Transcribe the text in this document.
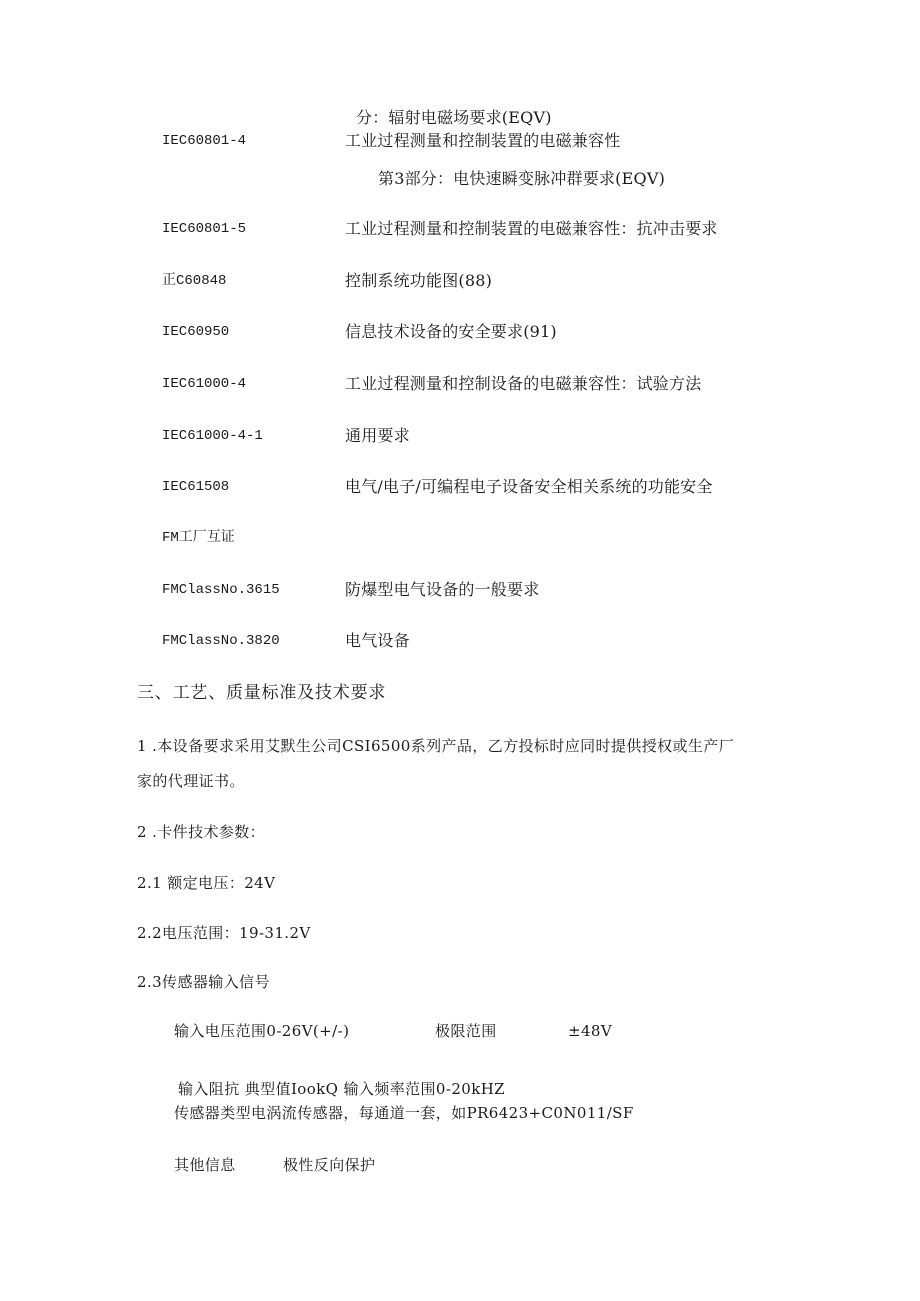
分：辐射电磁场要求(EQV)
IEC60801-4	工业过程测量和控制装置的电磁兼容性
第3部分：电快速瞬变脉冲群要求(EQV)
IEC60801-5	工业过程测量和控制装置的电磁兼容性：抗冲击要求
正C60848	控制系统功能图(88)
IEC60950	信息技术设备的安全要求(91)
IEC61000-4	工业过程测量和控制设备的电磁兼容性：试验方法
IEC61000-4-1	通用要求
IEC61508	电气/电子/可编程电子设备安全相关系统的功能安全
FM工厂互证
FMClassNo.3615	防爆型电气设备的一般要求
FMClassNo.3820	电气设备
三、工艺、质量标准及技术要求
1 .本设备要求采用艾默生公司CSI6500系列产品，乙方投标时应同时提供授权或生产厂
家的代理证书。
2 .卡件技术参数：
2.1 额定电压：24V
2.2电压范围：19-31.2V
2.3传感器输入信号
输入电压范围0-26V(+/-)	极限范围	±48V
输入阻抗 典型值IookQ 输入频率范围0-20kHZ
传感器类型电涡流传感器，每通道一套，如PR6423+C0N011/SF
其他信息	极性反向保护
